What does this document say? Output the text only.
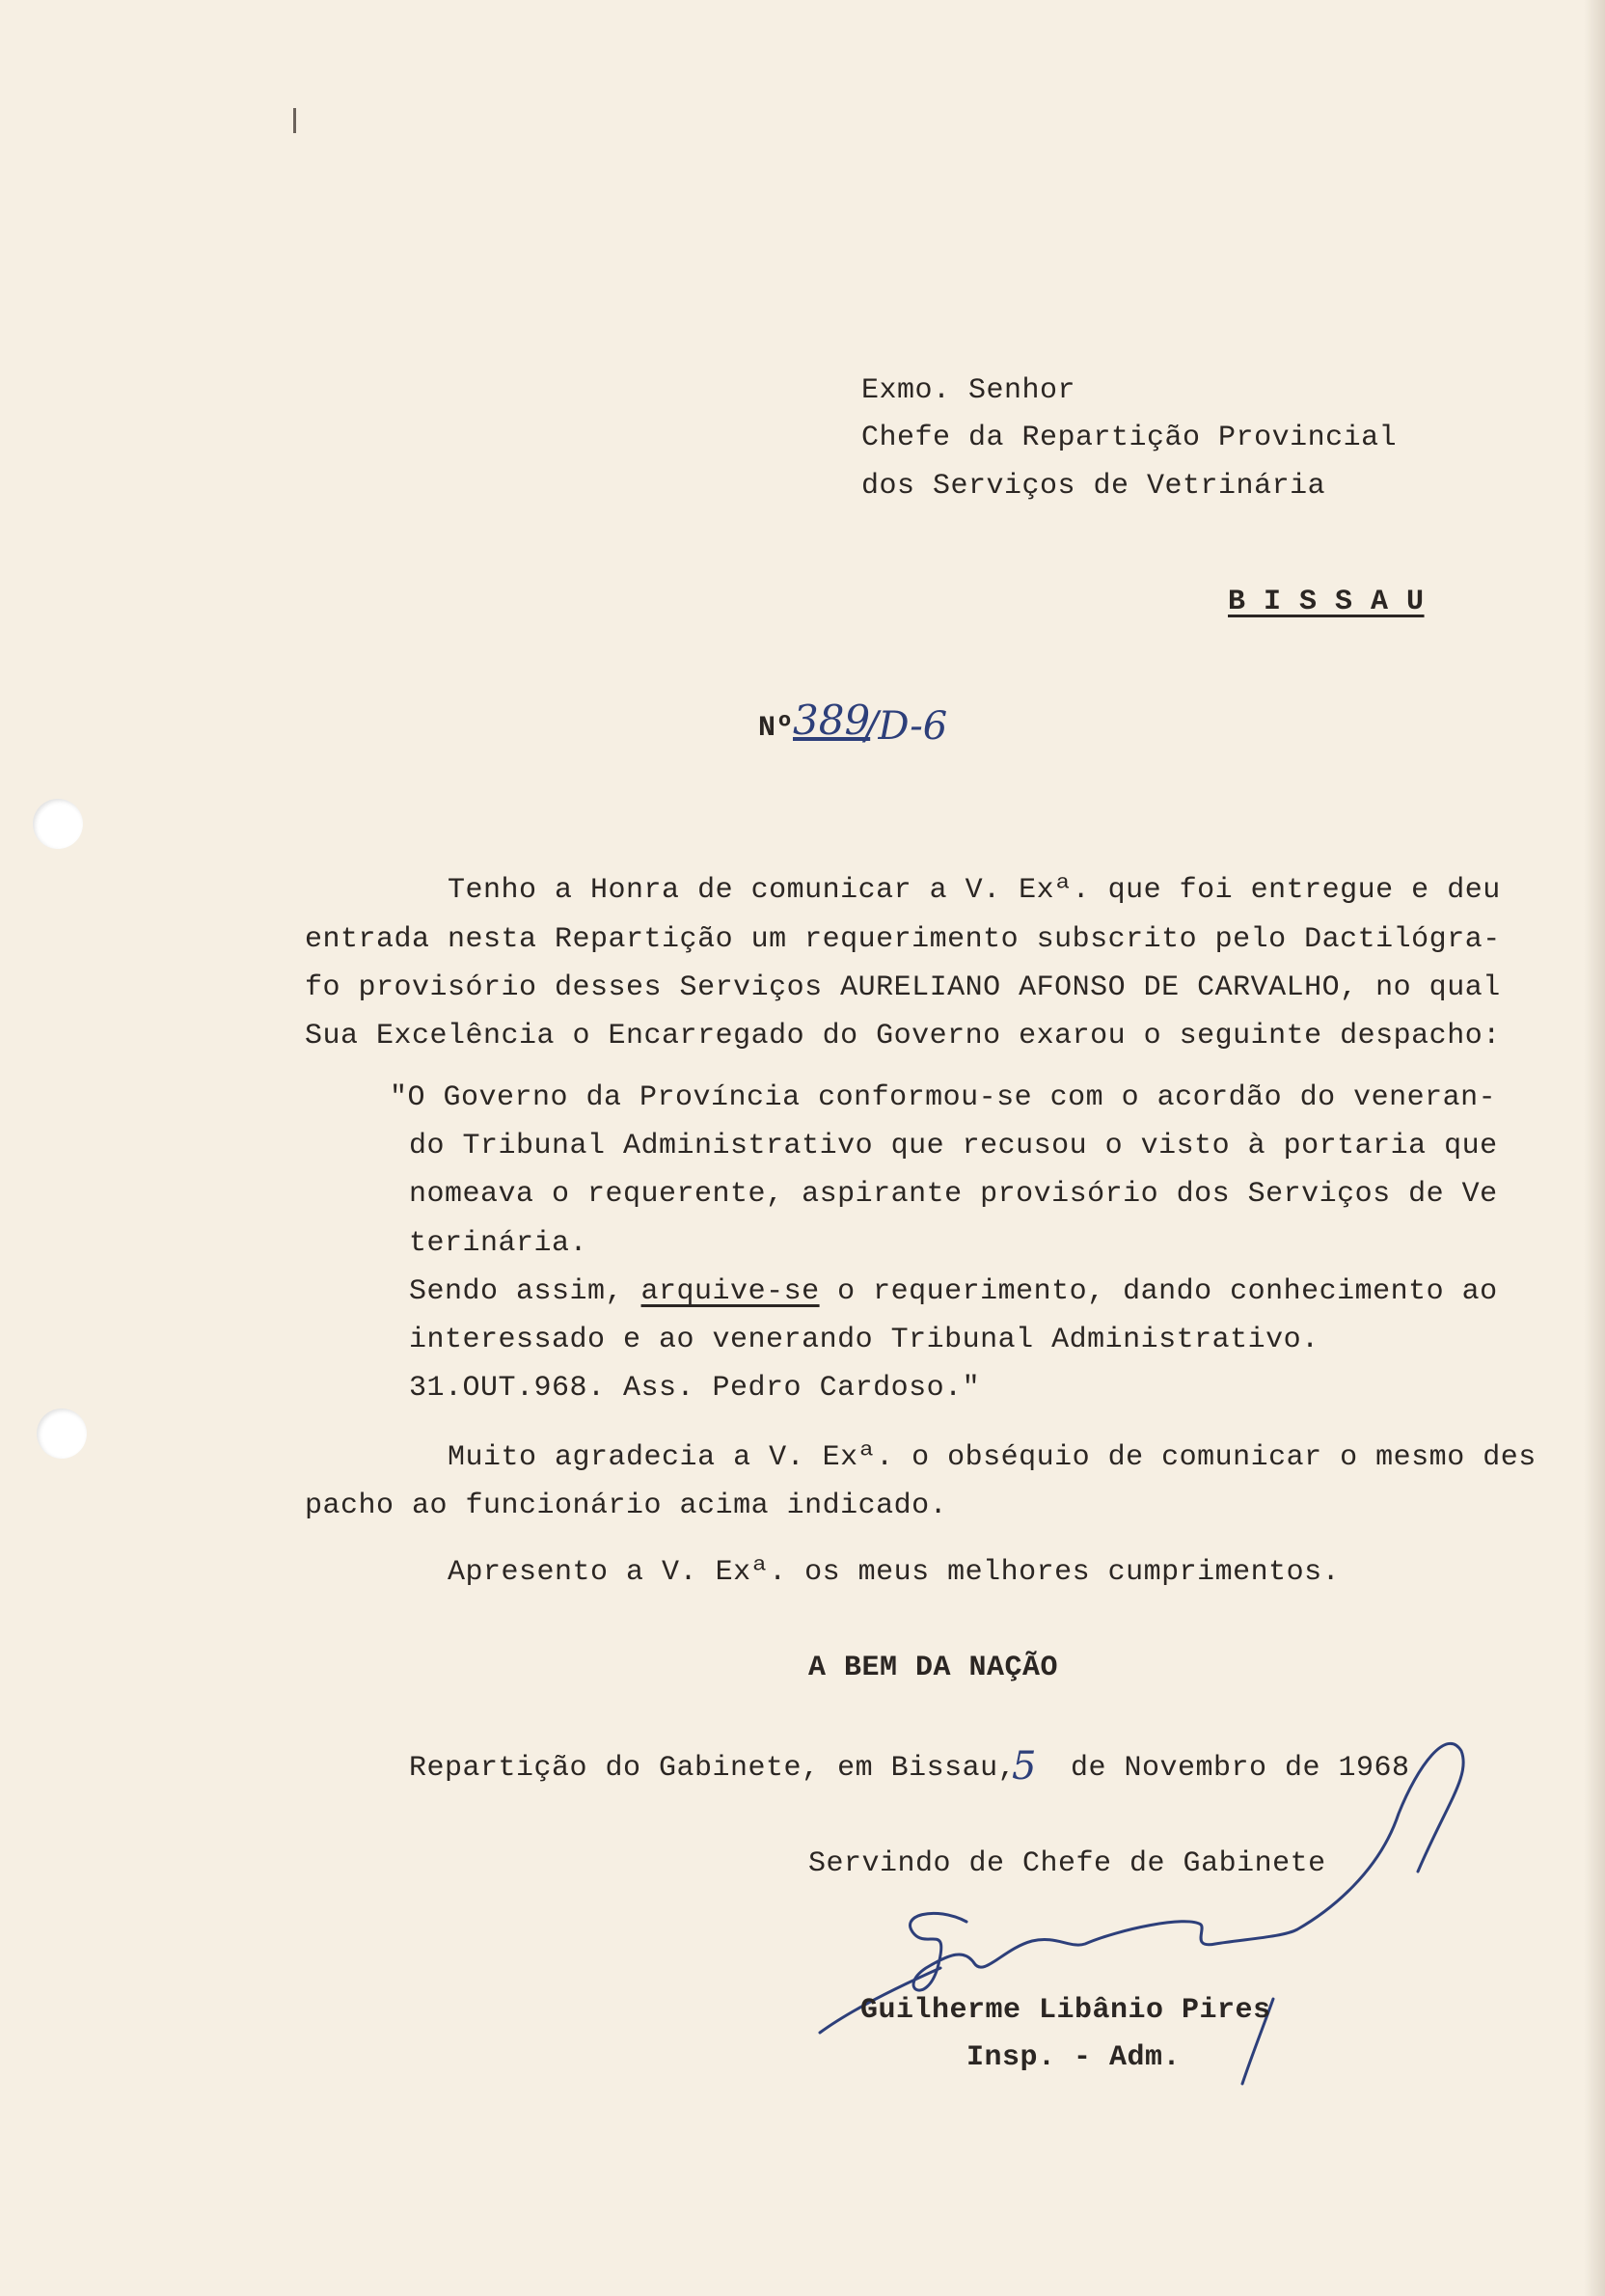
Exmo. Senhor
Chefe da Repartição Provincial
dos Serviços de Vetrinária
B I S S A U
Nº
389
/D-6
Tenho a Honra de comunicar a V. Exª. que foi entregue e deu
entrada nesta Repartição um requerimento subscrito pelo Dactilógra-
fo provisório desses Serviços AURELIANO AFONSO DE CARVALHO, no qual
Sua Excelência o Encarregado do Governo exarou o seguinte despacho:
"O Governo da Província conformou-se com o acordão do veneran-
do Tribunal Administrativo que recusou o visto à portaria que
nomeava o requerente, aspirante provisório dos Serviços de Ve
terinária.
Sendo assim, arquive-se o requerimento, dando conhecimento ao
interessado e ao venerando Tribunal Administrativo.
31.OUT.968. Ass. Pedro Cardoso."
Muito agradecia a V. Exª. o obséquio de comunicar o mesmo des
pacho ao funcionário acima indicado.
Apresento a V. Exª. os meus melhores cumprimentos.
A BEM DA NAÇÃO
Repartição do Gabinete, em Bissau,
5 de Novembro de 1968
Servindo de Chefe de Gabinete
Guilherme Libânio Pires
Insp. - Adm.
